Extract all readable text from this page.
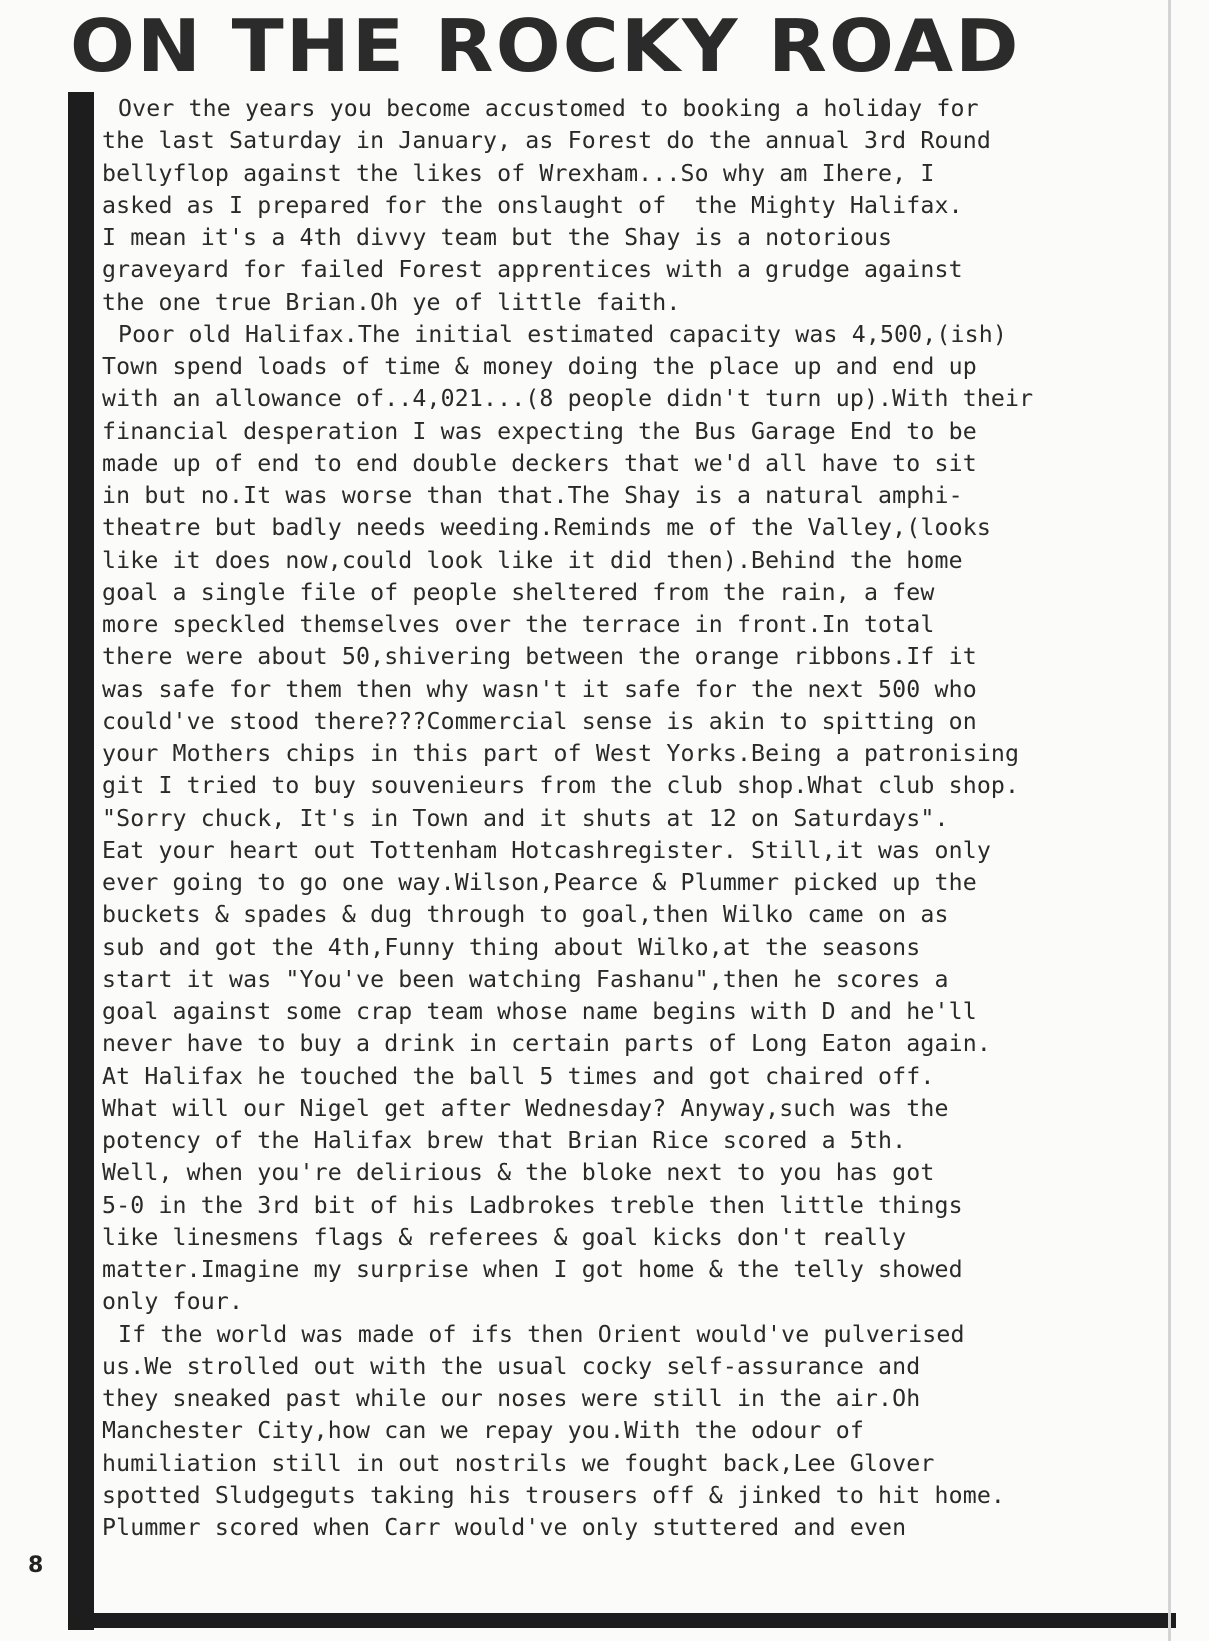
ON THE ROCKY ROAD
8
Over the years you become accustomed to booking a holiday for
the last Saturday in January, as Forest do the annual 3rd Round
bellyflop against the likes of Wrexham...So why am Ihere, I
asked as I prepared for the onslaught of  the Mighty Halifax.
I mean it's a 4th divvy team but the Shay is a notorious
graveyard for failed Forest apprentices with a grudge against
the one true Brian.Oh ye of little faith.
Poor old Halifax.The initial estimated capacity was 4,500,(ish)
Town spend loads of time & money doing the place up and end up
with an allowance of..4,021...(8 people didn't turn up).With their
financial desperation I was expecting the Bus Garage End to be
made up of end to end double deckers that we'd all have to sit
in but no.It was worse than that.The Shay is a natural amphi-
theatre but badly needs weeding.Reminds me of the Valley,(looks
like it does now,could look like it did then).Behind the home
goal a single file of people sheltered from the rain, a few
more speckled themselves over the terrace in front.In total
there were about 50,shivering between the orange ribbons.If it
was safe for them then why wasn't it safe for the next 500 who
could've stood there???Commercial sense is akin to spitting on
your Mothers chips in this part of West Yorks.Being a patronising
git I tried to buy souvenieurs from the club shop.What club shop.
"Sorry chuck, It's in Town and it shuts at 12 on Saturdays".
Eat your heart out Tottenham Hotcashregister. Still,it was only
ever going to go one way.Wilson,Pearce & Plummer picked up the
buckets & spades & dug through to goal,then Wilko came on as
sub and got the 4th,Funny thing about Wilko,at the seasons
start it was "You've been watching Fashanu",then he scores a
goal against some crap team whose name begins with D and he'll
never have to buy a drink in certain parts of Long Eaton again.
At Halifax he touched the ball 5 times and got chaired off.
What will our Nigel get after Wednesday? Anyway,such was the
potency of the Halifax brew that Brian Rice scored a 5th.
Well, when you're delirious & the bloke next to you has got
5-0 in the 3rd bit of his Ladbrokes treble then little things
like linesmens flags & referees & goal kicks don't really
matter.Imagine my surprise when I got home & the telly showed
only four.
If the world was made of ifs then Orient would've pulverised
us.We strolled out with the usual cocky self-assurance and
they sneaked past while our noses were still in the air.Oh
Manchester City,how can we repay you.With the odour of
humiliation still in out nostrils we fought back,Lee Glover
spotted Sludgeguts taking his trousers off & jinked to hit home.
Plummer scored when Carr would've only stuttered and even
